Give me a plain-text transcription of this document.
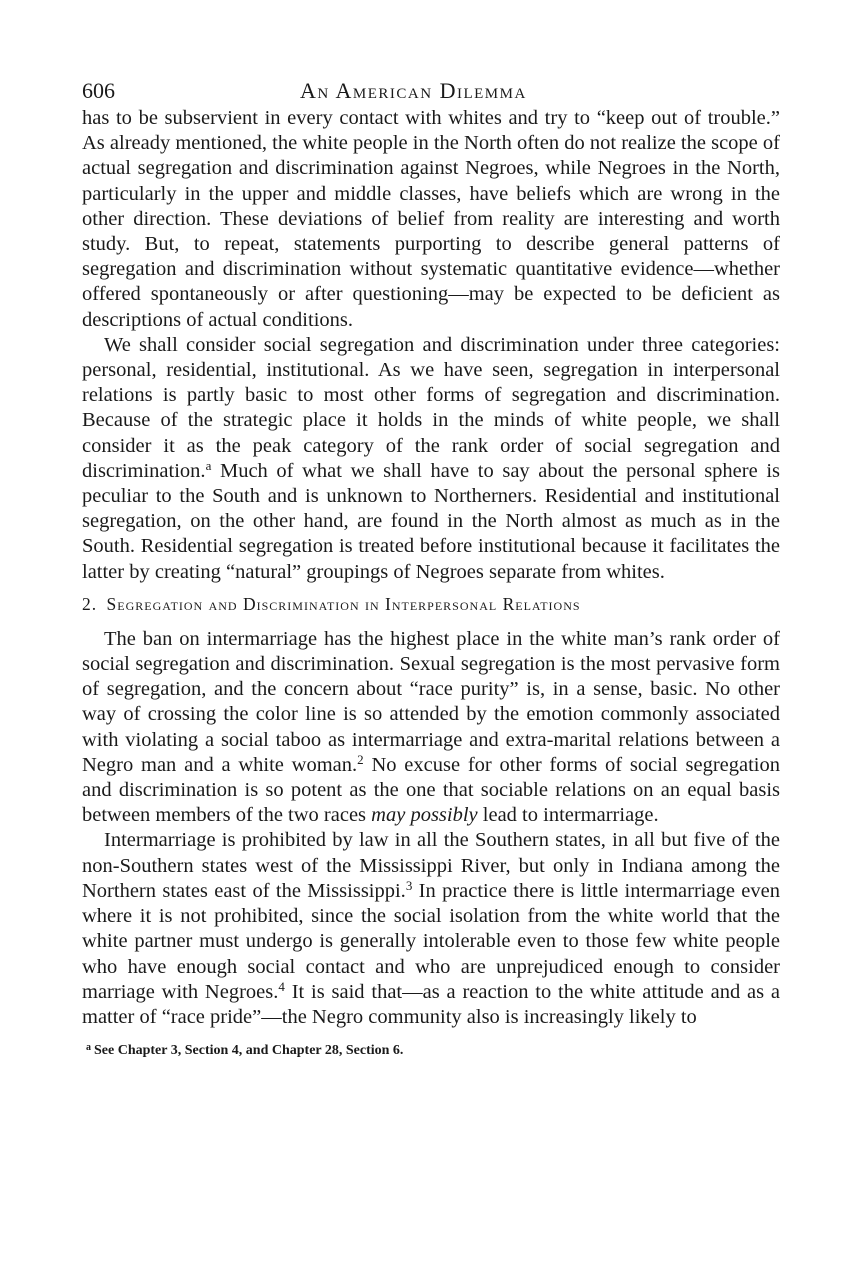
606	An American Dilemma

has to be subservient in every contact with whites and try to “keep out of trouble.” As already mentioned, the white people in the North often do not realize the scope of actual segregation and discrimination against Negroes, while Negroes in the North, particularly in the upper and middle classes, have beliefs which are wrong in the other direction. These deviations of belief from reality are interesting and worth study. But, to repeat, statements purporting to describe general patterns of segregation and discrimination without systematic quantitative evidence—whether offered spontaneously or after questioning—may be expected to be deficient as descriptions of actual conditions.

We shall consider social segregation and discrimination under three categories: personal, residential, institutional. As we have seen, segregation in interpersonal relations is partly basic to most other forms of segregation and discrimination. Because of the strategic place it holds in the minds of white people, we shall consider it as the peak category of the rank order of social segregation and discrimination.$^a$ Much of what we shall have to say about the personal sphere is peculiar to the South and is unknown to Northerners. Residential and institutional segregation, on the other hand, are found in the North almost as much as in the South. Residential segregation is treated before institutional because it facilitates the latter by creating “natural” groupings of Negroes separate from whites.

2. Segregation and Discrimination in Interpersonal Relations

The ban on intermarriage has the highest place in the white man’s rank order of social segregation and discrimination. Sexual segregation is the most pervasive form of segregation, and the concern about “race purity” is, in a sense, basic. No other way of crossing the color line is so attended by the emotion commonly associated with violating a social taboo as intermarriage and extra-marital relations between a Negro man and a white woman.$^2$ No excuse for other forms of social segregation and discrimination is so potent as the one that sociable relations on an equal basis between members of the two races may possibly lead to intermarriage.

Intermarriage is prohibited by law in all the Southern states, in all but five of the non-Southern states west of the Mississippi River, but only in Indiana among the Northern states east of the Mississippi.$^3$ In practice there is little intermarriage even where it is not prohibited, since the social isolation from the white world that the white partner must undergo is generally intolerable even to those few white people who have enough social contact and who are unprejudiced enough to consider marriage with Negroes.$^4$ It is said that—as a reaction to the white attitude and as a matter of “race pride”—the Negro community also is increasingly likely to

$^a$ See Chapter 3, Section 4, and Chapter 28, Section 6.
